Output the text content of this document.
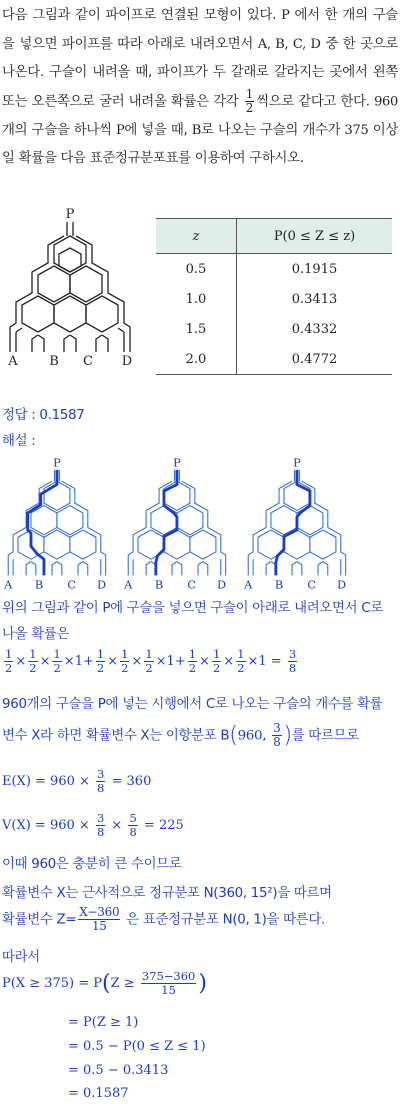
다음 그림과 같이 파이프로 연결된 모형이 있다. P 에서 한 개의 구슬을 넣으면 파이프를 따라 아래로 내려오면서 A, B, C, D 중 한 곳으로 나온다. 구슬이 내려올 때, 파이프가 두 갈래로 갈라지는 곳에서 왼쪽 또는 오른쪽으로 굴러 내려올 확률은 각각 $\frac{1}{2}$ 씩으로 같다고 한다. 960개의 구슬을 하나씩 P에 넣을 때, B로 나오는 구슬의 개수가 375 이상일 확률을 다음 표준정규분포표를 이용하여 구하시오.
P
A B C D
z	P(0 ≤ Z ≤ z)
0.5	0.1915
1.0	0.3413
1.5	0.4332
2.0	0.4772
정답 : 0.1587
해설 :
P
A B C D
P
A B C D
P
A B C D
위의 그림과 같이 P에 구슬을 넣으면 구슬이 아래로 내려오면서 C로
나올 확률은
$\frac{1}{2} \times \frac{1}{2} \times \frac{1}{2} \times 1+ \frac{1}{2} \times \frac{1}{2} \times \frac{1}{2} \times 1+ \frac{1}{2} \times \frac{1}{2} \times \frac{1}{2} \times 1 = \frac{3}{8}$
960개의 구슬을 P에 넣는 시행에서 C로 나오는 구슬의 개수를 확률
변수 X라 하면 확률변수 X는 이항분포 B(960, $\frac{3}{8}$ )를 따르므로
$E(X) = 960 \times \frac{3}{8} = 360$
$V(X) = 960 \times \frac{3}{8} \times \frac{5}{8} = 225$
이때 960은 충분히 큰 수이므로
확률변수 X는 근사적으로 정규분포 N(360, 15²)을 따르며
확률변수 $Z= \frac{X-360}{15}$ 은 표준정규분포 N(0, 1)을 따른다.
따라서
$P(X \ge 375) = P(Z \ge \frac{375-360}{15}$ )
= P(Z ≥ 1)
= 0.5 − P(0 ≤ Z ≤ 1)
= 0.5 − 0.3413
= 0.1587
